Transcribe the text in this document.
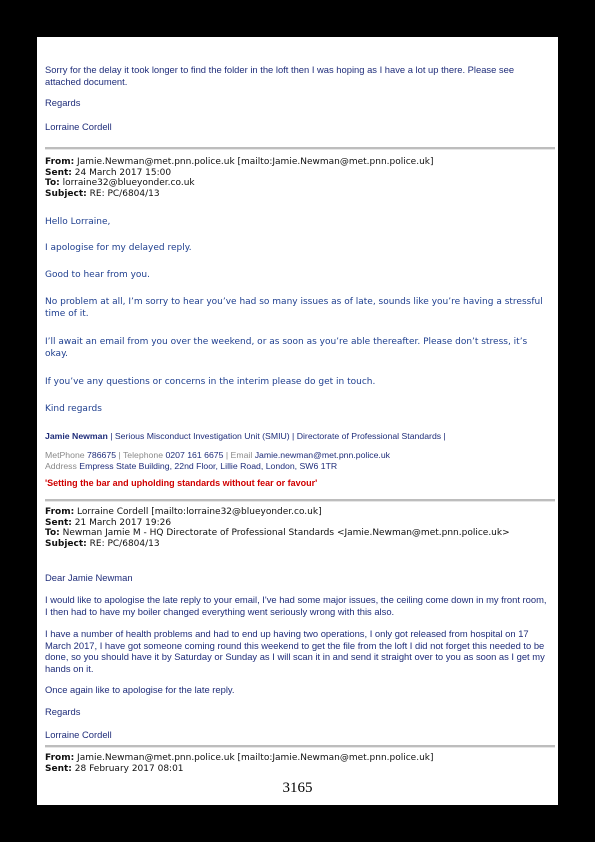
Sorry for the delay it took longer to find the folder in the loft then I was hoping as I have a lot up there. Please see attached document.
Regards
Lorraine Cordell
From: Jamie.Newman@met.pnn.police.uk [mailto:Jamie.Newman@met.pnn.police.uk]
Sent: 24 March 2017 15:00
To: lorraine32@blueyonder.co.uk
Subject: RE: PC/6804/13
Hello Lorraine,
I apologise for my delayed reply.
Good to hear from you.
No problem at all, I’m sorry to hear you’ve had so many issues as of late, sounds like you’re having a stressful time of it.
I’ll await an email from you over the weekend, or as soon as you’re able thereafter. Please don’t stress, it’s okay.
If you’ve any questions or concerns in the interim please do get in touch.
Kind regards
Jamie Newman | Serious Misconduct Investigation Unit (SMIU) | Directorate of Professional Standards |
MetPhone 786675 | Telephone 0207 161 6675 | Email Jamie.newman@met.pnn.police.uk
Address Empress State Building, 22nd Floor, Lillie Road, London, SW6 1TR
'Setting the bar and upholding standards without fear or favour'
From: Lorraine Cordell [mailto:lorraine32@blueyonder.co.uk]
Sent: 21 March 2017 19:26
To: Newman Jamie M - HQ Directorate of Professional Standards <Jamie.Newman@met.pnn.police.uk>
Subject: RE: PC/6804/13
Dear Jamie Newman
I would like to apologise the late reply to your email, I've had some major issues, the ceiling come down in my front room, I then had to have my boiler changed everything went seriously wrong with this also.
I have a number of health problems and had to end up having two operations, I only got released from hospital on 17 March 2017, I have got someone coming round this weekend to get the file from the loft I did not forget this needed to be done, so you should have it by Saturday or Sunday as I will scan it in and send it straight over to you as soon as I get my hands on it.
Once again like to apologise for the late reply.
Regards
Lorraine Cordell
From: Jamie.Newman@met.pnn.police.uk [mailto:Jamie.Newman@met.pnn.police.uk]
Sent: 28 February 2017 08:01
3165
